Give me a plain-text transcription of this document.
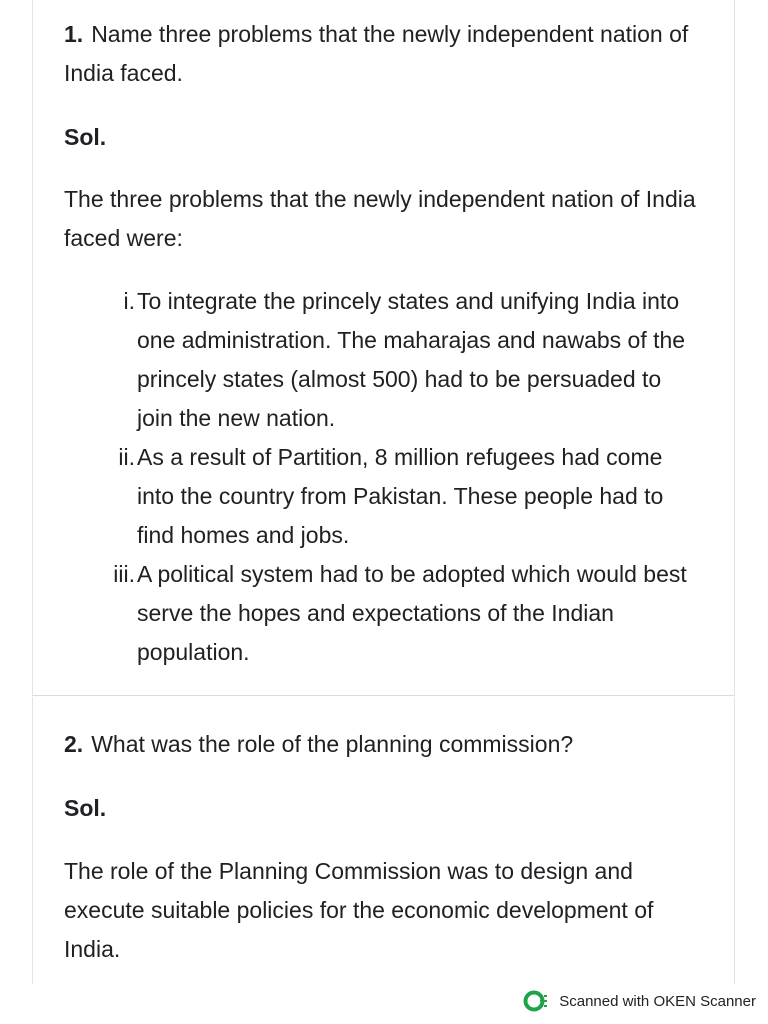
1. Name three problems that the newly independent nation of India faced.

Sol.

The three problems that the newly independent nation of India faced were:

i. To integrate the princely states and unifying India into one administration. The maharajas and nawabs of the princely states (almost 500) had to be persuaded to join the new nation.
ii. As a result of Partition, 8 million refugees had come into the country from Pakistan. These people had to find homes and jobs.
iii. A political system had to be adopted which would best serve the hopes and expectations of the Indian population.

2. What was the role of the planning commission?

Sol.

The role of the Planning Commission was to design and execute suitable policies for the economic development of India.

Scanned with OKEN Scanner
